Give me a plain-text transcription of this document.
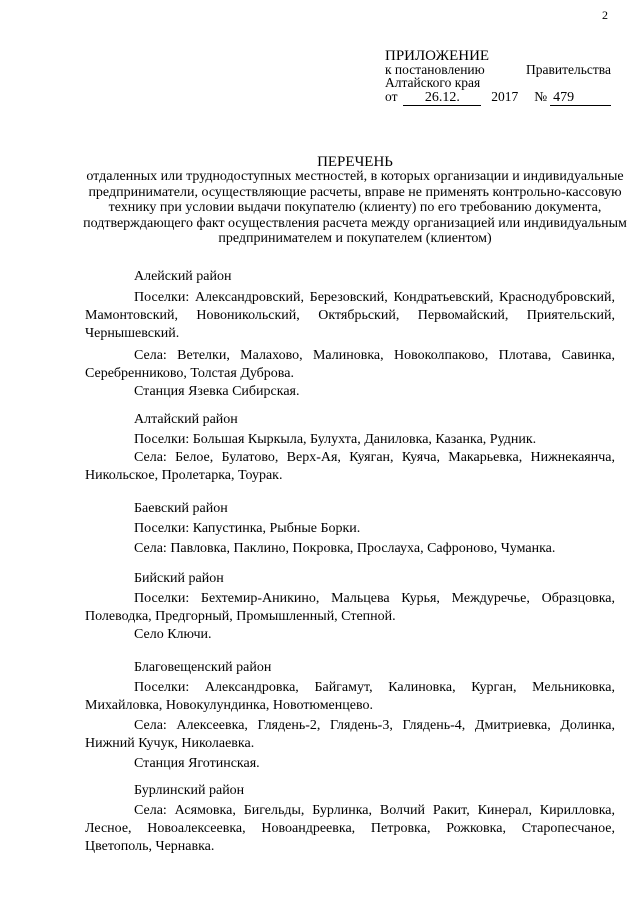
2
ПРИЛОЖЕНИЕ
к постановлению	Правительства
Алтайского края
от	26.12.	2017 № 479
ПЕРЕЧЕНЬ
отдаленных или труднодоступных местностей, в которых организации и индивидуальные предприниматели, осуществляющие расчеты, вправе не применять контрольно-кассовую технику при условии выдачи покупателю (клиенту) по его требованию документа, подтверждающего факт осуществления расчета между организацией или индивидуальным предпринимателем и покупателем (клиентом)
Алейский район
Поселки: Александровский, Березовский, Кондратьевский, Краснодубровский, Мамонтовский, Новоникольский, Октябрьский, Первомайский, Приятельский, Чернышевский.
Села: Ветелки, Малахово, Малиновка, Новоколпаково, Плотава, Савинка, Серебренниково, Толстая Дуброва.
Станция Язевка Сибирская.
Алтайский район
Поселки: Большая Кыркыла, Булухта, Даниловка, Казанка, Рудник.
Села: Белое, Булатово, Верх-Ая, Куяган, Куяча, Макарьевка, Нижнекаянча, Никольское, Пролетарка, Тоурак.
Баевский район
Поселки: Капустинка, Рыбные Борки.
Села: Павловка, Паклино, Покровка, Прослауха, Сафроново, Чуманка.
Бийский район
Поселки: Бехтемир-Аникино, Мальцева Курья, Междуречье, Образцовка, Полеводка, Предгорный, Промышленный, Степной.
Село Ключи.
Благовещенский район
Поселки: Александровка, Байгамут, Калиновка, Курган, Мельниковка, Михайловка, Новокулундинка, Новотюменцево.
Села: Алексеевка, Глядень-2, Глядень-3, Глядень-4, Дмитриевка, Долинка, Нижний Кучук, Николаевка.
Станция Яготинская.
Бурлинский район
Села: Асямовка, Бигельды, Бурлинка, Волчий Ракит, Кинерал, Кирилловка, Лесное, Новоалексеевка, Новоандреевка, Петровка, Рожковка, Старопесчаное, Цветополь, Чернавка.
